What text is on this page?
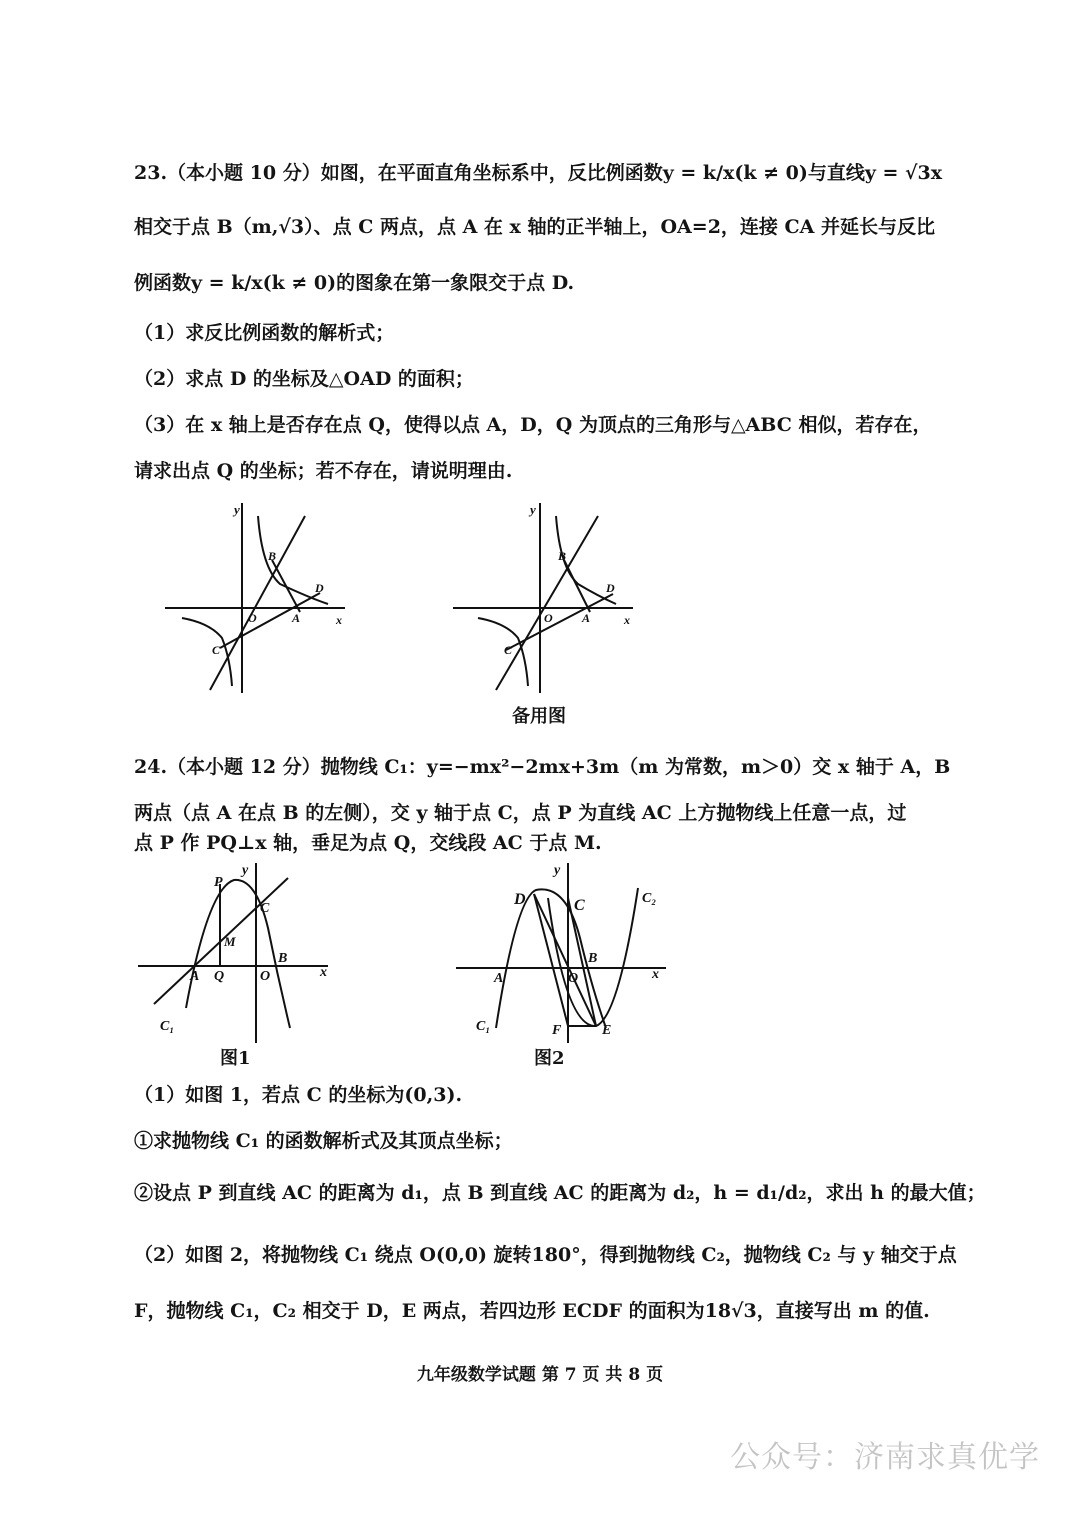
23.（本小题 10 分）如图，在平面直角坐标系中，反比例函数y = k/x(k ≠ 0)与直线y = √3x
相交于点 B（m,√3）、点 C 两点，点 A 在 x 轴的正半轴上，OA=2，连接 CA 并延长与反比
例函数y = k/x(k ≠ 0)的图象在第一象限交于点 D.
（1）求反比例函数的解析式；
（2）求点 D 的坐标及△OAD 的面积；
（3）在 x 轴上是否存在点 Q，使得以点 A，D，Q 为顶点的三角形与△ABC 相似，若存在，
请求出点 Q 的坐标；若不存在，请说明理由.
y
B
D
O	A	x
C
y
B
D
O A	x
C
备用图
24.（本小题 12 分）抛物线 C₁：y=−mx²−2mx+3m（m 为常数，m＞0）交 x 轴于 A，B
两点（点 A 在点 B 的左侧），交 y 轴于点 C，点 P 为直线 AC 上方抛物线上任意一点，过
点 P 作 PQ⊥x 轴，垂足为点 Q，交线段 AC 于点 M.
y
P
C
M
A Q	O
B
x
C₁
图1
y
D	C	C₂
A	O
B
x
C₁	F	E
图2
（1）如图 1，若点 C 的坐标为(0,3).
①求抛物线 C₁ 的函数解析式及其顶点坐标；
②设点 P 到直线 AC 的距离为 d₁，点 B 到直线 AC 的距离为 d₂，h = d₁/d₂，求出 h 的最大值；
（2）如图 2，将抛物线 C₁ 绕点 O(0,0) 旋转180°，得到抛物线 C₂，抛物线 C₂ 与 y 轴交于点
F，抛物线 C₁，C₂ 相交于 D，E 两点，若四边形 ECDF 的面积为18√3，直接写出 m 的值.
九年级数学试题 第 7 页 共 8 页
公众号：济南求真优学
